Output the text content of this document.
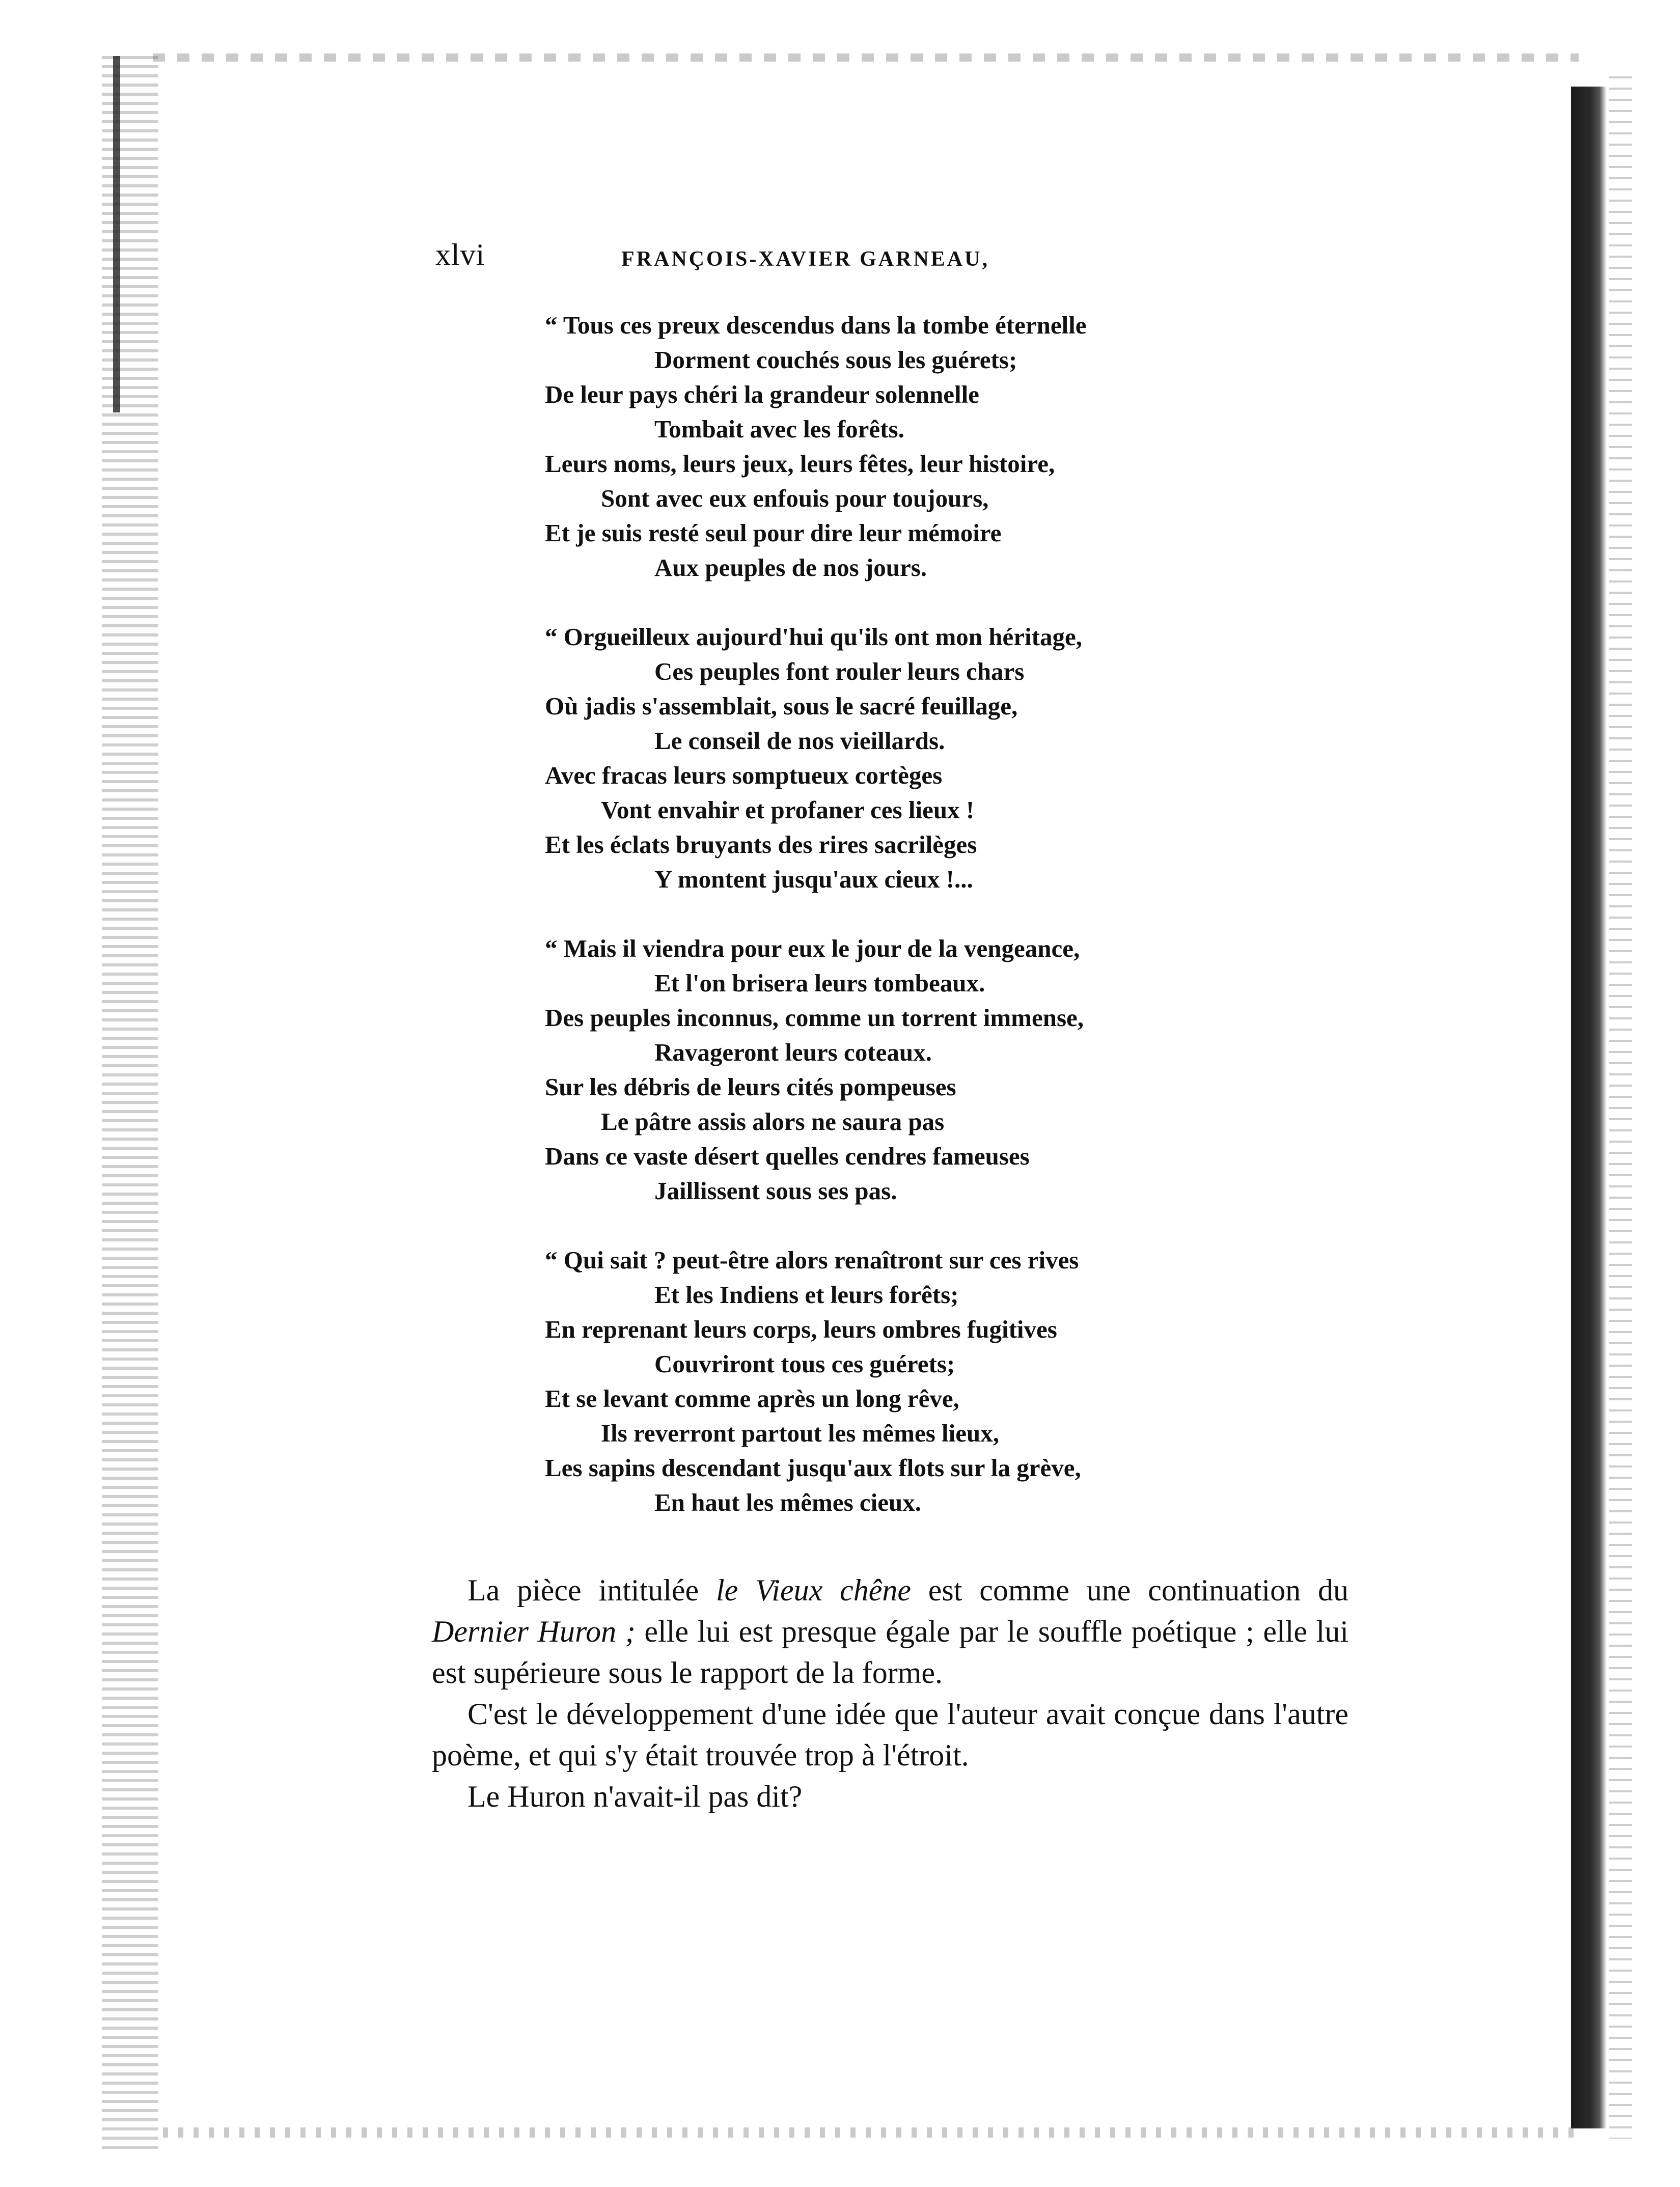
xlvi	FRANÇOIS-XAVIER GARNEAU,
“ Tous ces preux descendus dans la tombe éternelle
Dorment couchés sous les guérets;
De leur pays chéri la grandeur solennelle
Tombait avec les forêts.
Leurs noms, leurs jeux, leurs fêtes, leur histoire,
Sont avec eux enfouis pour toujours,
Et je suis resté seul pour dire leur mémoire
Aux peuples de nos jours.
“ Orgueilleux aujourd'hui qu'ils ont mon héritage,
Ces peuples font rouler leurs chars
Où jadis s'assemblait, sous le sacré feuillage,
Le conseil de nos vieillards.
Avec fracas leurs somptueux cortèges
Vont envahir et profaner ces lieux !
Et les éclats bruyants des rires sacrilèges
Y montent jusqu'aux cieux !...
“ Mais il viendra pour eux le jour de la vengeance,
Et l'on brisera leurs tombeaux.
Des peuples inconnus, comme un torrent immense,
Ravageront leurs coteaux.
Sur les débris de leurs cités pompeuses
Le pâtre assis alors ne saura pas
Dans ce vaste désert quelles cendres fameuses
Jaillissent sous ses pas.
“ Qui sait ? peut-être alors renaîtront sur ces rives
Et les Indiens et leurs forêts;
En reprenant leurs corps, leurs ombres fugitives
Couvriront tous ces guérets;
Et se levant comme après un long rêve,
Ils reverront partout les mêmes lieux,
Les sapins descendant jusqu'aux flots sur la grève,
En haut les mêmes cieux.

La pièce intitulée le Vieux chêne est comme une continuation du Dernier Huron ; elle lui est presque égale par le souffle poétique ; elle lui est supérieure sous le rapport de la forme.

C'est le développement d'une idée que l'auteur avait conçue dans l'autre poème, et qui s'y était trouvée trop à l'étroit.

Le Huron n'avait-il pas dit?
